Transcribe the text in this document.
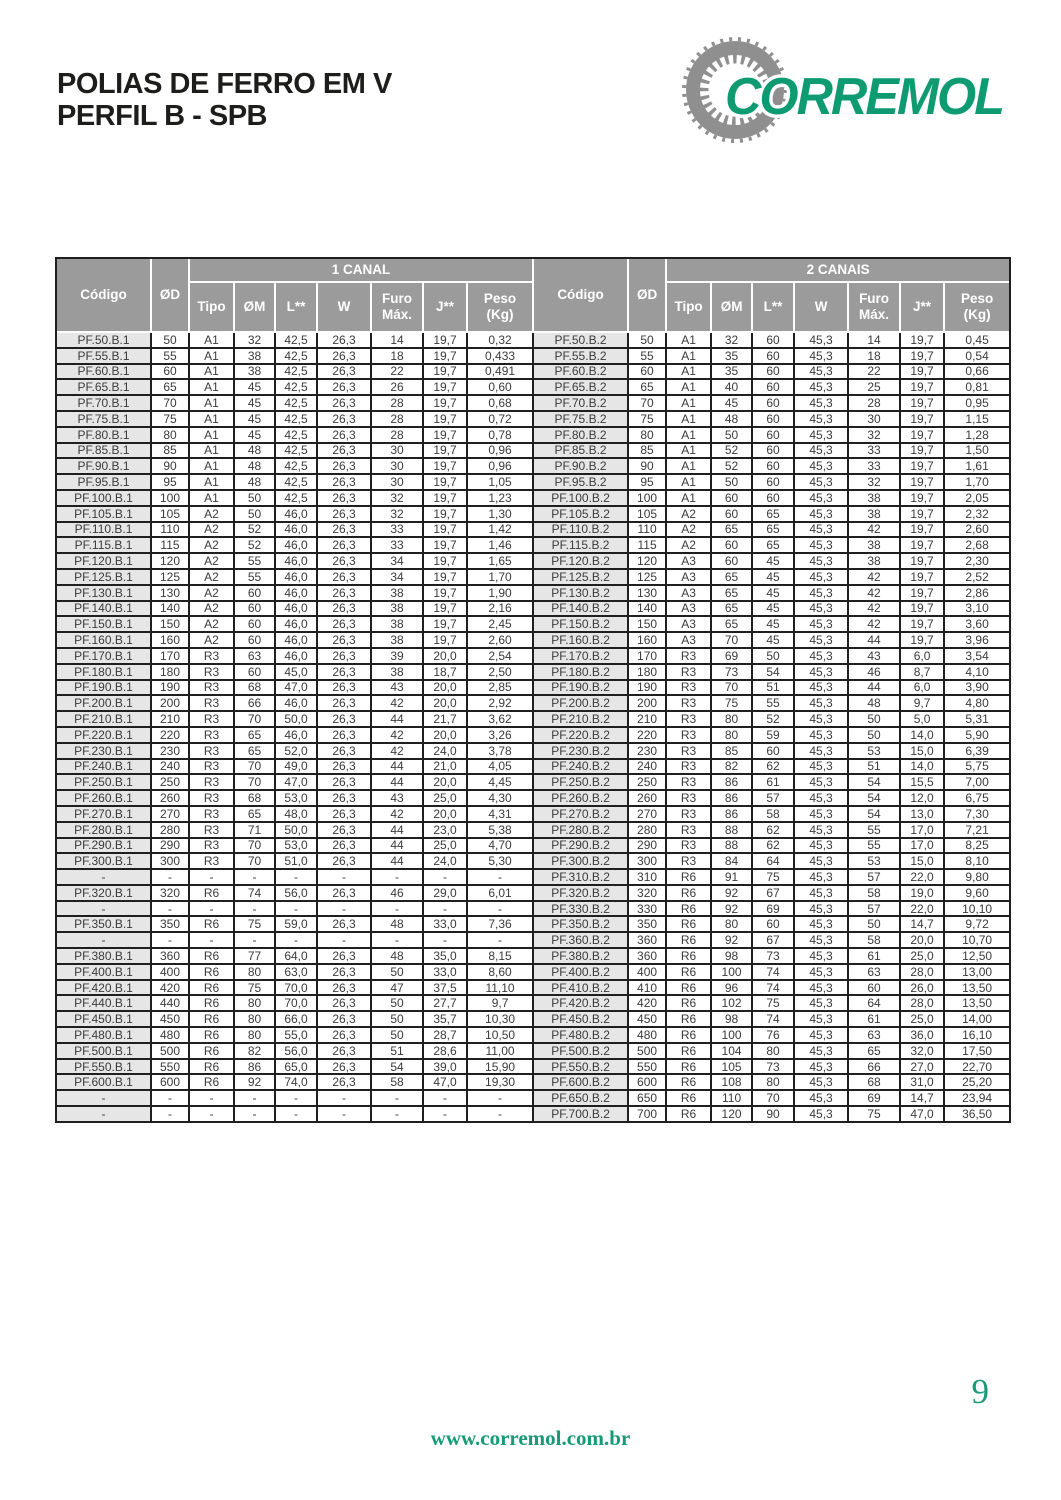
POLIAS DE FERRO EM V
PERFIL B - SPB	CORREMOL
Código	ØD	1 CANAL							Código	ØD	2 CANAIS						
		Tipo	ØM	L**	W	Furo Máx.	J**	Peso (Kg)			Tipo	ØM	L**	W	Furo Máx.	J**	Peso (Kg)
PF.50.B.1	50	A1	32	42,5	26,3	14	19,7	0,32	PF.50.B.2	50	A1	32	60	45,3	14	19,7	0,45
PF.55.B.1	55	A1	38	42,5	26,3	18	19,7	0,433	PF.55.B.2	55	A1	35	60	45,3	18	19,7	0,54
PF.60.B.1	60	A1	38	42,5	26,3	22	19,7	0,491	PF.60.B.2	60	A1	35	60	45,3	22	19,7	0,66
PF.65.B.1	65	A1	45	42,5	26,3	26	19,7	0,60	PF.65.B.2	65	A1	40	60	45,3	25	19,7	0,81
PF.70.B.1	70	A1	45	42,5	26,3	28	19,7	0,68	PF.70.B.2	70	A1	45	60	45,3	28	19,7	0,95
PF.75.B.1	75	A1	45	42,5	26,3	28	19,7	0,72	PF.75.B.2	75	A1	48	60	45,3	30	19,7	1,15
PF.80.B.1	80	A1	45	42,5	26,3	28	19,7	0,78	PF.80.B.2	80	A1	50	60	45,3	32	19,7	1,28
PF.85.B.1	85	A1	48	42,5	26,3	30	19,7	0,96	PF.85.B.2	85	A1	52	60	45,3	33	19,7	1,50
PF.90.B.1	90	A1	48	42,5	26,3	30	19,7	0,96	PF.90.B.2	90	A1	52	60	45,3	33	19,7	1,61
PF.95.B.1	95	A1	48	42,5	26,3	30	19,7	1,05	PF.95.B.2	95	A1	50	60	45,3	32	19,7	1,70
PF.100.B.1	100	A1	50	42,5	26,3	32	19,7	1,23	PF.100.B.2	100	A1	60	60	45,3	38	19,7	2,05
PF.105.B.1	105	A2	50	46,0	26,3	32	19,7	1,30	PF.105.B.2	105	A2	60	65	45,3	38	19,7	2,32
PF.110.B.1	110	A2	52	46,0	26,3	33	19,7	1,42	PF.110.B.2	110	A2	65	65	45,3	42	19,7	2,60
PF.115.B.1	115	A2	52	46,0	26,3	33	19,7	1,46	PF.115.B.2	115	A2	60	65	45,3	38	19,7	2,68
PF.120.B.1	120	A2	55	46,0	26,3	34	19,7	1,65	PF.120.B.2	120	A3	60	45	45,3	38	19,7	2,30
PF.125.B.1	125	A2	55	46,0	26,3	34	19,7	1,70	PF.125.B.2	125	A3	65	45	45,3	42	19,7	2,52
PF.130.B.1	130	A2	60	46,0	26,3	38	19,7	1,90	PF.130.B.2	130	A3	65	45	45,3	42	19,7	2,86
PF.140.B.1	140	A2	60	46,0	26,3	38	19,7	2,16	PF.140.B.2	140	A3	65	45	45,3	42	19,7	3,10
PF.150.B.1	150	A2	60	46,0	26,3	38	19,7	2,45	PF.150.B.2	150	A3	65	45	45,3	42	19,7	3,60
PF.160.B.1	160	A2	60	46,0	26,3	38	19,7	2,60	PF.160.B.2	160	A3	70	45	45,3	44	19,7	3,96
PF.170.B.1	170	R3	63	46,0	26,3	39	20,0	2,54	PF.170.B.2	170	R3	69	50	45,3	43	6,0	3,54
PF.180.B.1	180	R3	60	45,0	26,3	38	18,7	2,50	PF.180.B.2	180	R3	73	54	45,3	46	8,7	4,10
PF.190.B.1	190	R3	68	47,0	26,3	43	20,0	2,85	PF.190.B.2	190	R3	70	51	45,3	44	6,0	3,90
PF.200.B.1	200	R3	66	46,0	26,3	42	20,0	2,92	PF.200.B.2	200	R3	75	55	45,3	48	9,7	4,80
PF.210.B.1	210	R3	70	50,0	26,3	44	21,7	3,62	PF.210.B.2	210	R3	80	52	45,3	50	5,0	5,31
PF.220.B.1	220	R3	65	46,0	26,3	42	20,0	3,26	PF.220.B.2	220	R3	80	59	45,3	50	14,0	5,90
PF.230.B.1	230	R3	65	52,0	26,3	42	24,0	3,78	PF.230.B.2	230	R3	85	60	45,3	53	15,0	6,39
PF.240.B.1	240	R3	70	49,0	26,3	44	21,0	4,05	PF.240.B.2	240	R3	82	62	45,3	51	14,0	5,75
PF.250.B.1	250	R3	70	47,0	26,3	44	20,0	4,45	PF.250.B.2	250	R3	86	61	45,3	54	15,5	7,00
PF.260.B.1	260	R3	68	53,0	26,3	43	25,0	4,30	PF.260.B.2	260	R3	86	57	45,3	54	12,0	6,75
PF.270.B.1	270	R3	65	48,0	26,3	42	20,0	4,31	PF.270.B.2	270	R3	86	58	45,3	54	13,0	7,30
PF.280.B.1	280	R3	71	50,0	26,3	44	23,0	5,38	PF.280.B.2	280	R3	88	62	45,3	55	17,0	7,21
PF.290.B.1	290	R3	70	53,0	26,3	44	25,0	4,70	PF.290.B.2	290	R3	88	62	45,3	55	17,0	8,25
PF.300.B.1	300	R3	70	51,0	26,3	44	24,0	5,30	PF.300.B.2	300	R3	84	64	45,3	53	15,0	8,10
-	-	-	-	-	-	-	-	-	PF.310.B.2	310	R6	91	75	45,3	57	22,0	9,80
PF.320.B.1	320	R6	74	56,0	26,3	46	29,0	6,01	PF.320.B.2	320	R6	92	67	45,3	58	19,0	9,60
-	-	-	-	-	-	-	-	-	PF.330.B.2	330	R6	92	69	45,3	57	22,0	10,10
PF.350.B.1	350	R6	75	59,0	26,3	48	33,0	7,36	PF.350.B.2	350	R6	80	60	45,3	50	14,7	9,72
-	-	-	-	-	-	-	-	-	PF.360.B.2	360	R6	92	67	45,3	58	20,0	10,70
PF.380.B.1	360	R6	77	64,0	26,3	48	35,0	8,15	PF.380.B.2	360	R6	98	73	45,3	61	25,0	12,50
PF.400.B.1	400	R6	80	63,0	26,3	50	33,0	8,60	PF.400.B.2	400	R6	100	74	45,3	63	28,0	13,00
PF.420.B.1	420	R6	75	70,0	26,3	47	37,5	11,10	PF.410.B.2	410	R6	96	74	45,3	60	26,0	13,50
PF.440.B.1	440	R6	80	70,0	26,3	50	27,7	9,7	PF.420.B.2	420	R6	102	75	45,3	64	28,0	13,50
PF.450.B.1	450	R6	80	66,0	26,3	50	35,7	10,30	PF.450.B.2	450	R6	98	74	45,3	61	25,0	14,00
PF.480.B.1	480	R6	80	55,0	26,3	50	28,7	10,50	PF.480.B.2	480	R6	100	76	45,3	63	36,0	16,10
PF.500.B.1	500	R6	82	56,0	26,3	51	28,6	11,00	PF.500.B.2	500	R6	104	80	45,3	65	32,0	17,50
PF.550.B.1	550	R6	86	65,0	26,3	54	39,0	15,90	PF.550.B.2	550	R6	105	73	45,3	66	27,0	22,70
PF.600.B.1	600	R6	92	74,0	26,3	58	47,0	19,30	PF.600.B.2	600	R6	108	80	45,3	68	31,0	25,20
-	-	-	-	-	-	-	-	-	PF.650.B.2	650	R6	110	70	45,3	69	14,7	23,94
-	-	-	-	-	-	-	-	-	PF.700.B.2	700	R6	120	90	45,3	75	47,0	36,50
www.corremol.com.br
9
